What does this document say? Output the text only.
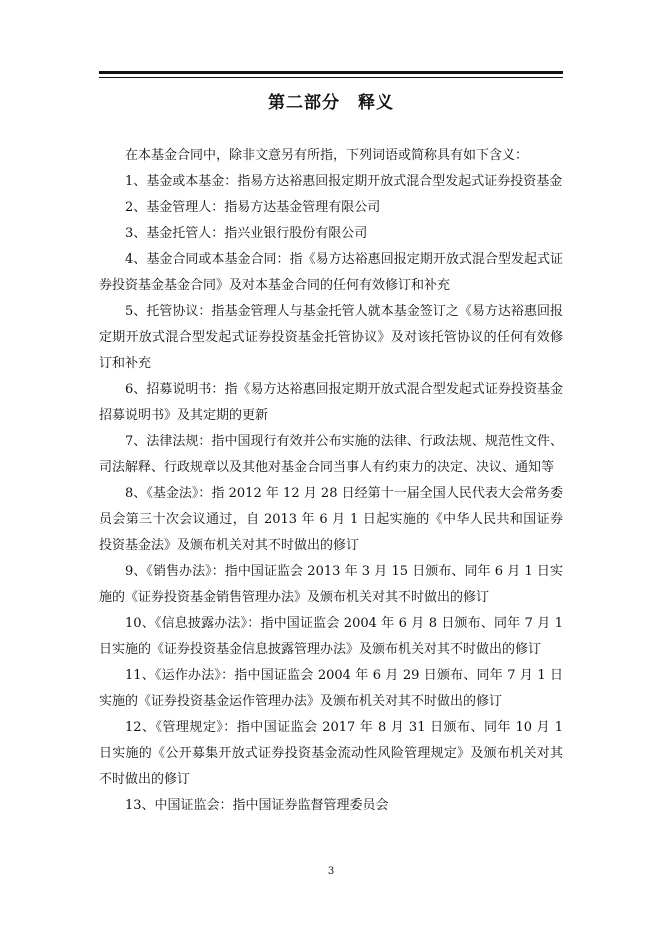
第二部分　释义

在本基金合同中，除非文意另有所指，下列词语或简称具有如下含义：

1、基金或本基金：指易方达裕惠回报定期开放式混合型发起式证券投资基金

2、基金管理人：指易方达基金管理有限公司

3、基金托管人：指兴业银行股份有限公司

4、基金合同或本基金合同：指《易方达裕惠回报定期开放式混合型发起式证券投资基金基金合同》及对本基金合同的任何有效修订和补充

5、托管协议：指基金管理人与基金托管人就本基金签订之《易方达裕惠回报定期开放式混合型发起式证券投资基金托管协议》及对该托管协议的任何有效修订和补充

6、招募说明书：指《易方达裕惠回报定期开放式混合型发起式证券投资基金招募说明书》及其定期的更新

7、法律法规：指中国现行有效并公布实施的法律、行政法规、规范性文件、司法解释、行政规章以及其他对基金合同当事人有约束力的决定、决议、通知等

8、《基金法》：指 2012 年 12 月 28 日经第十一届全国人民代表大会常务委员会第三十次会议通过，自 2013 年 6 月 1 日起实施的《中华人民共和国证券投资基金法》及颁布机关对其不时做出的修订

9、《销售办法》：指中国证监会 2013 年 3 月 15 日颁布、同年 6 月 1 日实施的《证券投资基金销售管理办法》及颁布机关对其不时做出的修订

10、《信息披露办法》：指中国证监会 2004 年 6 月 8 日颁布、同年 7 月 1 日实施的《证券投资基金信息披露管理办法》及颁布机关对其不时做出的修订

11、《运作办法》：指中国证监会 2004 年 6 月 29 日颁布、同年 7 月 1 日实施的《证券投资基金运作管理办法》及颁布机关对其不时做出的修订

12、《管理规定》：指中国证监会 2017 年 8 月 31 日颁布、同年 10 月 1 日实施的《公开募集开放式证券投资基金流动性风险管理规定》及颁布机关对其不时做出的修订

13、中国证监会：指中国证券监督管理委员会

3
